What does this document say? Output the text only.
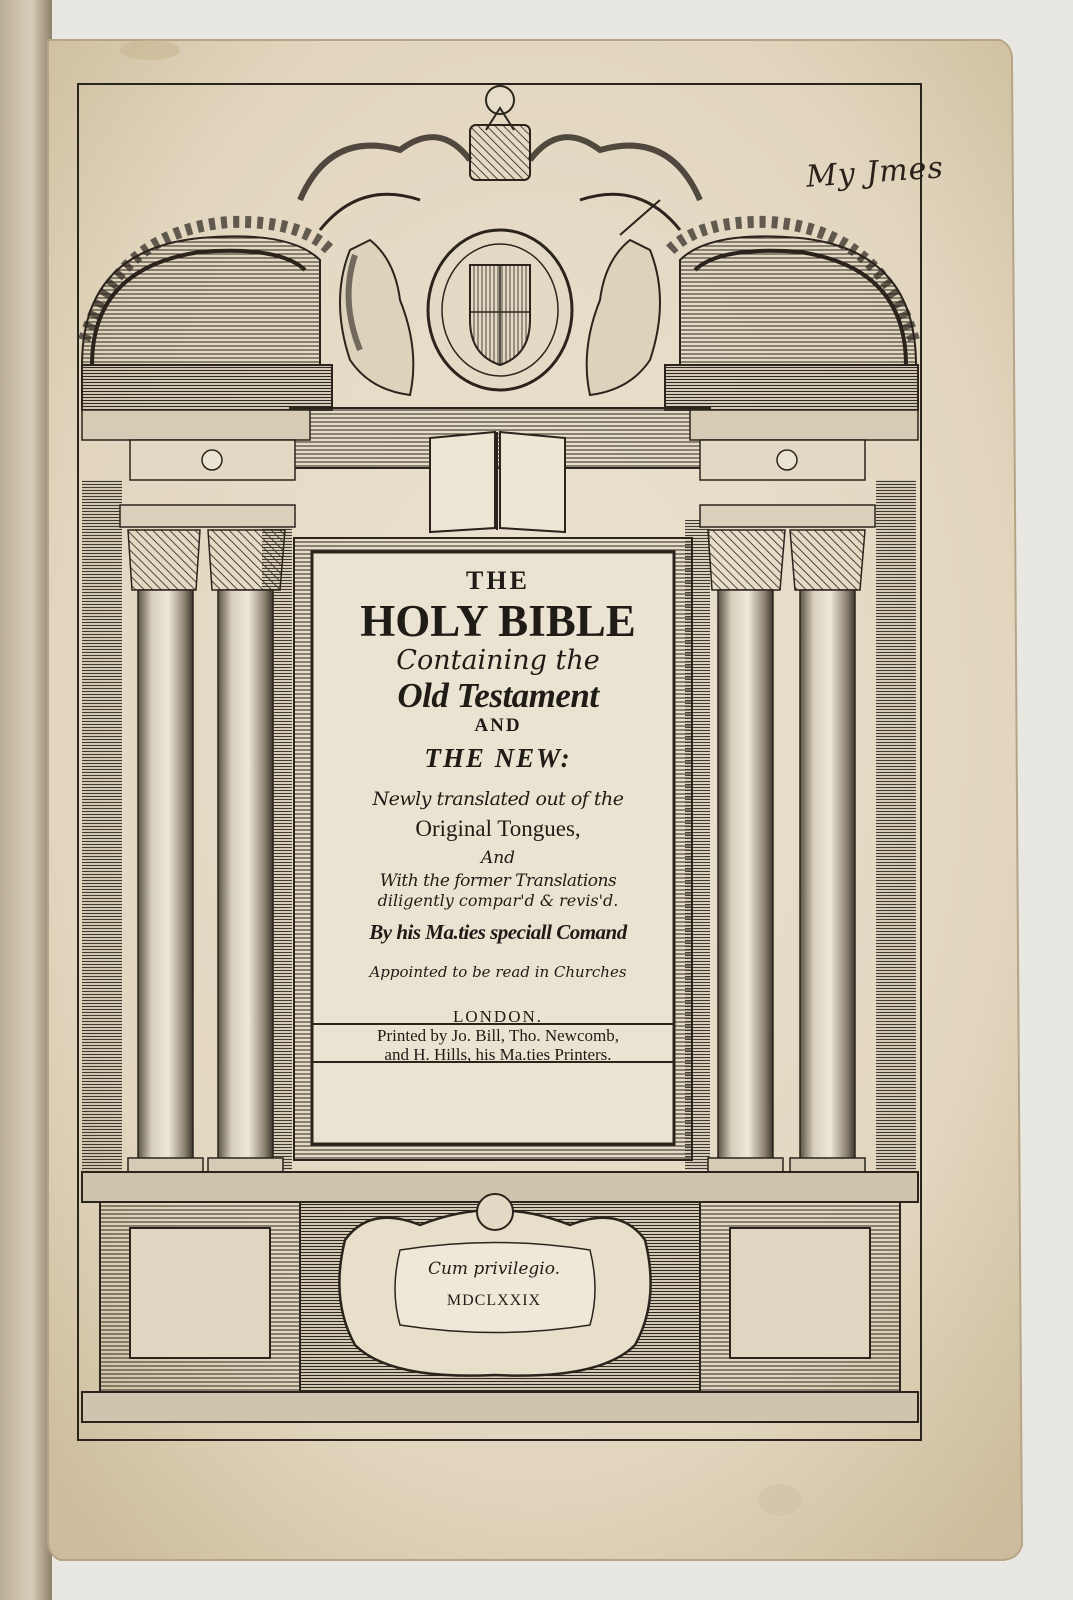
THE
HOLY BIBLE
Containing the
Old Testament
AND
THE NEW:
Newly translated out of the
Original Tongues,
And
With the former Translations
diligently compar'd & revis'd.
By his Ma.ties speciall Comand
Appointed to be read in Churches
LONDON.
Printed by Jo. Bill, Tho. Newcomb,
and H. Hills, his Ma.ties Printers.
Cum privilegio.
MDCLXXIX
My Jmes
